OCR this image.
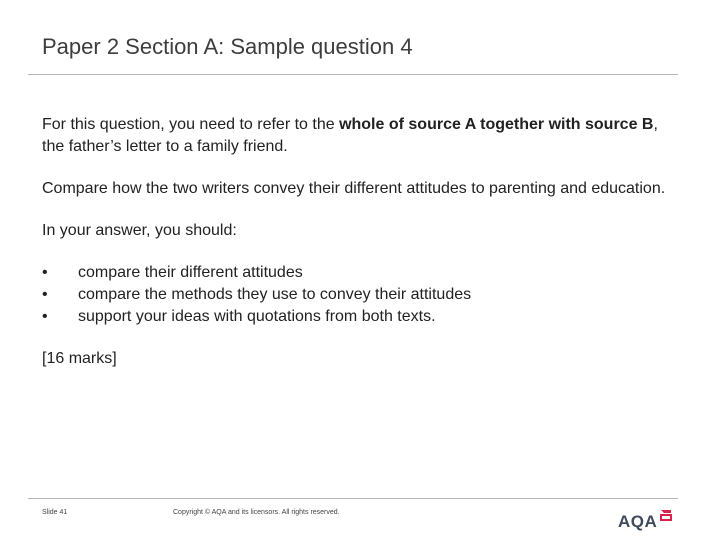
Paper 2 Section A: Sample question 4

For this question, you need to refer to the whole of source A together with source B, the father’s letter to a family friend.

Compare how the two writers convey their different attitudes to parenting and education.

In your answer, you should:

• compare their different attitudes
• compare the methods they use to convey their attitudes
• support your ideas with quotations from both texts.

[16 marks]

Slide 41	Copyright © AQA and its licensors. All rights reserved.	AQA
